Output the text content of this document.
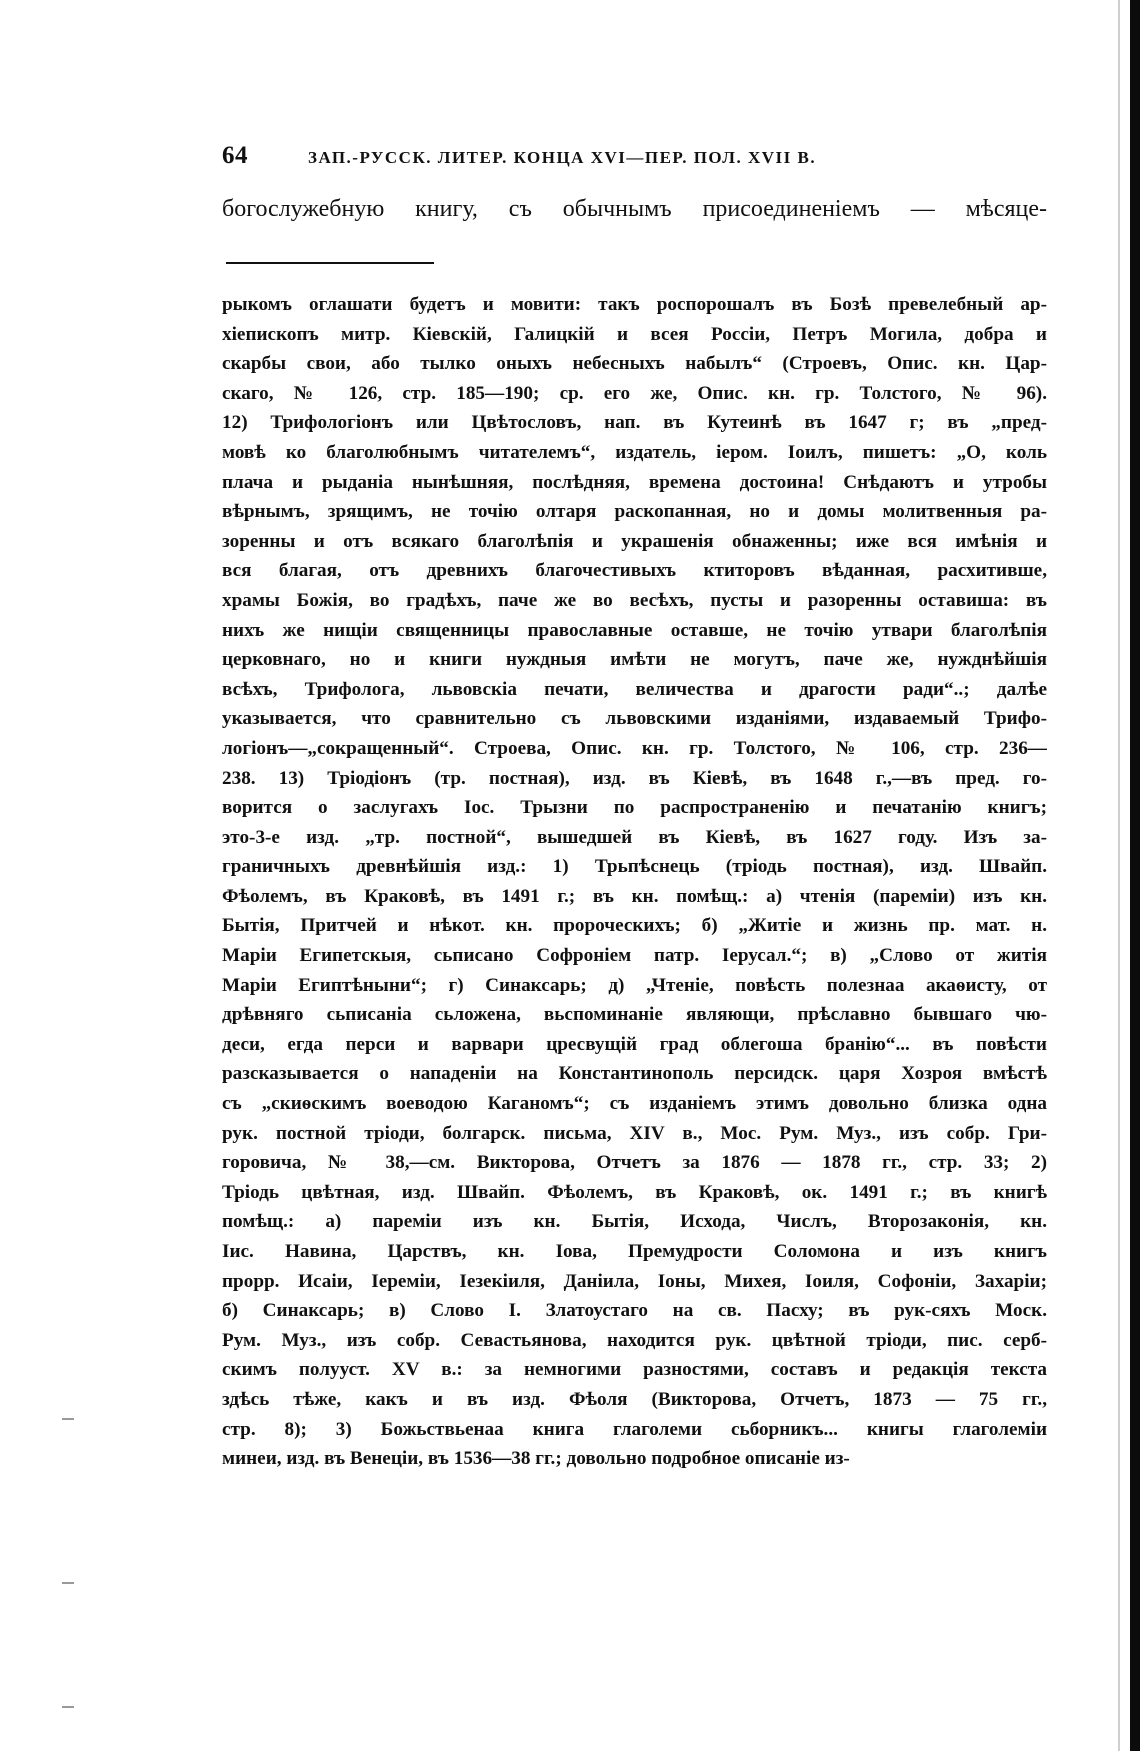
64	ЗАП.-РУССК. ЛИТЕР. КОНЦА XVI—ПЕР. ПОЛ. XVII В.
богослужебную книгу, съ обычнымъ присоединенiемъ — мѣсяце-
рыкомъ оглашати будетъ и мовити: такъ роспорошалъ въ Бозѣ превелебный ар-
хiепископъ митр. Кiевскiй, Галицкiй и всея Россiи, Петръ Могила, добра и
скарбы свои, або тылко оныхъ небесныхъ набылъ“ (Строевъ, Опис. кн. Цар-
скаго, № 126, стр. 185—190; ср. его же, Опис. кн. гр. Толстого, № 96).
12) Трифологiонъ или Цвѣтословъ, нап. въ Кутеинѣ въ 1647 г; въ „пред-
мовѣ ко благолюбнымъ читателемъ“, издатель, iером. Iоилъ, пишетъ: „О, коль
плача и рыданiа нынѣшняя, послѣдняя, времена достоина! Снѣдаютъ и утробы
вѣрнымъ, зрящимъ, не точiю олтаря раскопанная, но и домы молитвенныя ра-
зоренны и отъ всякаго благолѣпiя и украшенiя обнаженны; иже вся имѣнiя и
вся благая, отъ древнихъ благочестивыхъ ктиторовъ вѣданная, расхитивше,
храмы Божiя, во градѣхъ, паче же во весѣхъ, пусты и разоренны оставиша: въ
нихъ же нищiи священницы православные оставше, не точiю утвари благолѣпiя
церковнаго, но и книги нуждныя имѣти не могутъ, паче же, нужднѣйшiя
всѣхъ, Трифолога, львовскiа печати, величества и драгости ради“..; далѣе
указывается, что сравнительно съ львовскими изданiями, издаваемый Трифо-
логiонъ—„сокращенный“. Строева, Опис. кн. гр. Толстого, № 106, стр. 236—
238. 13) Трiодiонъ (тр. постная), изд. въ Кiевѣ, въ 1648 г.,—въ пред. го-
ворится о заслугахъ Iос. Трызни по распространенiю и печатанiю книгъ;
это-3-е изд. „тр. постной“, вышедшей въ Кiевѣ, въ 1627 году. Изъ за-
граничныхъ древнѣйшiя изд.: 1) Трьпѣснець (трiодь постная), изд. Швайп.
Фѣолемъ, въ Краковѣ, въ 1491 г.; въ кн. помѣщ.: а) чтенiя (паремiи) изъ кн.
Бытiя, Притчей и нѣкот. кн. пророческихъ; б) „Житiе и жизнь пр. мат. н.
Марiи Египетскыя, сьписано Софронiем патр. Iерусал.“; в) „Слово от житiя
Марiи Египтѣныни“; г) Синаксарь; д) „Чтенiе, повѣсть полезнаа акаѳисту, от
дрѣвняго сьписанiа сьложена, вьспоминанiе являющи, прѣславно бывшаго чю-
деси, егда перси и варвари цресвущiй град облегоша бранiю“... въ повѣсти
разсказывается о нападенiи на Константинополь персидск. царя Хозроя вмѣстѣ
съ „скиѳскимъ воеводою Каганомъ“; съ изданiемъ этимъ довольно близка одна
рук. постной трiоди, болгарск. письма, XIV в., Мос. Рум. Муз., изъ собр. Гри-
горовича, № 38,—см. Викторова, Отчетъ за 1876 — 1878 гг., стр. 33; 2)
Трiодь цвѣтная, изд. Швайп. Фѣолемъ, въ Краковѣ, ок. 1491 г.; въ книгѣ
помѣщ.: а) паремiи изъ кн. Бытiя, Исхода, Числъ, Второзаконiя, кн.
Iис. Навина, Царствъ, кн. Iова, Премудрости Соломона и изъ книгъ
прорр. Исаiи, Iеремiи, Iезекiиля, Данiила, Iоны, Михея, Iоиля, Софонiи, Захарiи;
б) Синаксарь; в) Слово I. Златоустаго на св. Пасху; въ рук-сяхъ Моск.
Рум. Муз., изъ собр. Севастьянова, находится рук. цвѣтной трiоди, пис. серб-
скимъ полууст. XV в.: за немногими разностями, составъ и редакцiя текста
здѣсь тѣже, какъ и въ изд. Фѣоля (Викторова, Отчетъ, 1873 — 75 гг.,
стр. 8); 3) Божьствьенаа книга глаголеми сьборникъ... книгы глаголемiи
минеи, изд. въ Венецiи, въ 1536—38 гг.; довольно подробное описанiе из-
